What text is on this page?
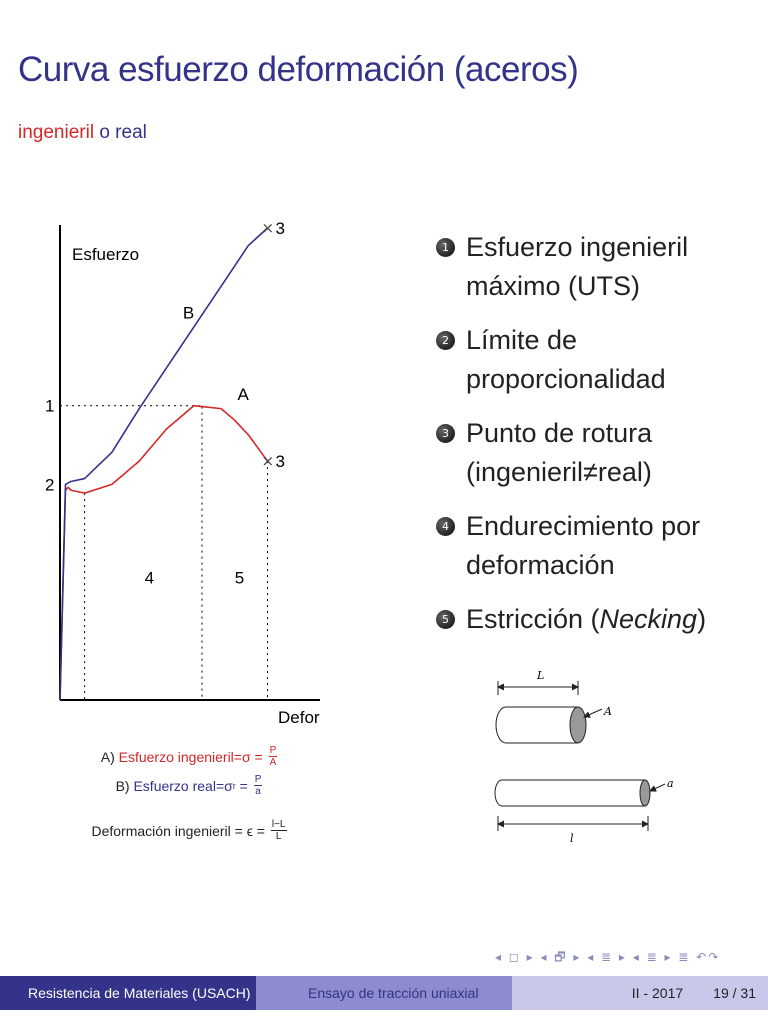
Curva esfuerzo deformación (aceros)
ingenieril o real
Esfuerzo
Defor
1
2
× 3
× 3
A
B
4	5
A)
Esfuerzo ingenieril=σ =
$\frac{P}{A}$
B)
Esfuerzo real=σ r
=
$\frac{P}{a}$
Deformación ingenieril = ϵ =
$\frac{l-L}{L}$
1 Esfuerzo ingenieril máximo (UTS)
2 Límite de proporcionalidad
3 Punto de rotura (ingenieril≠real)
4 Endurecimiento por deformación
5 Estricción (Necking)
L
A
a
l
◂ ◻ ▸ ◂ 🗗 ▸ ◂ ≣ ▸ ◂ ≣ ▸ ≣ ↶↷
Resistencia de Materiales (USACH)	Ensayo de tracción uniaxial	II - 2017 19 / 31
